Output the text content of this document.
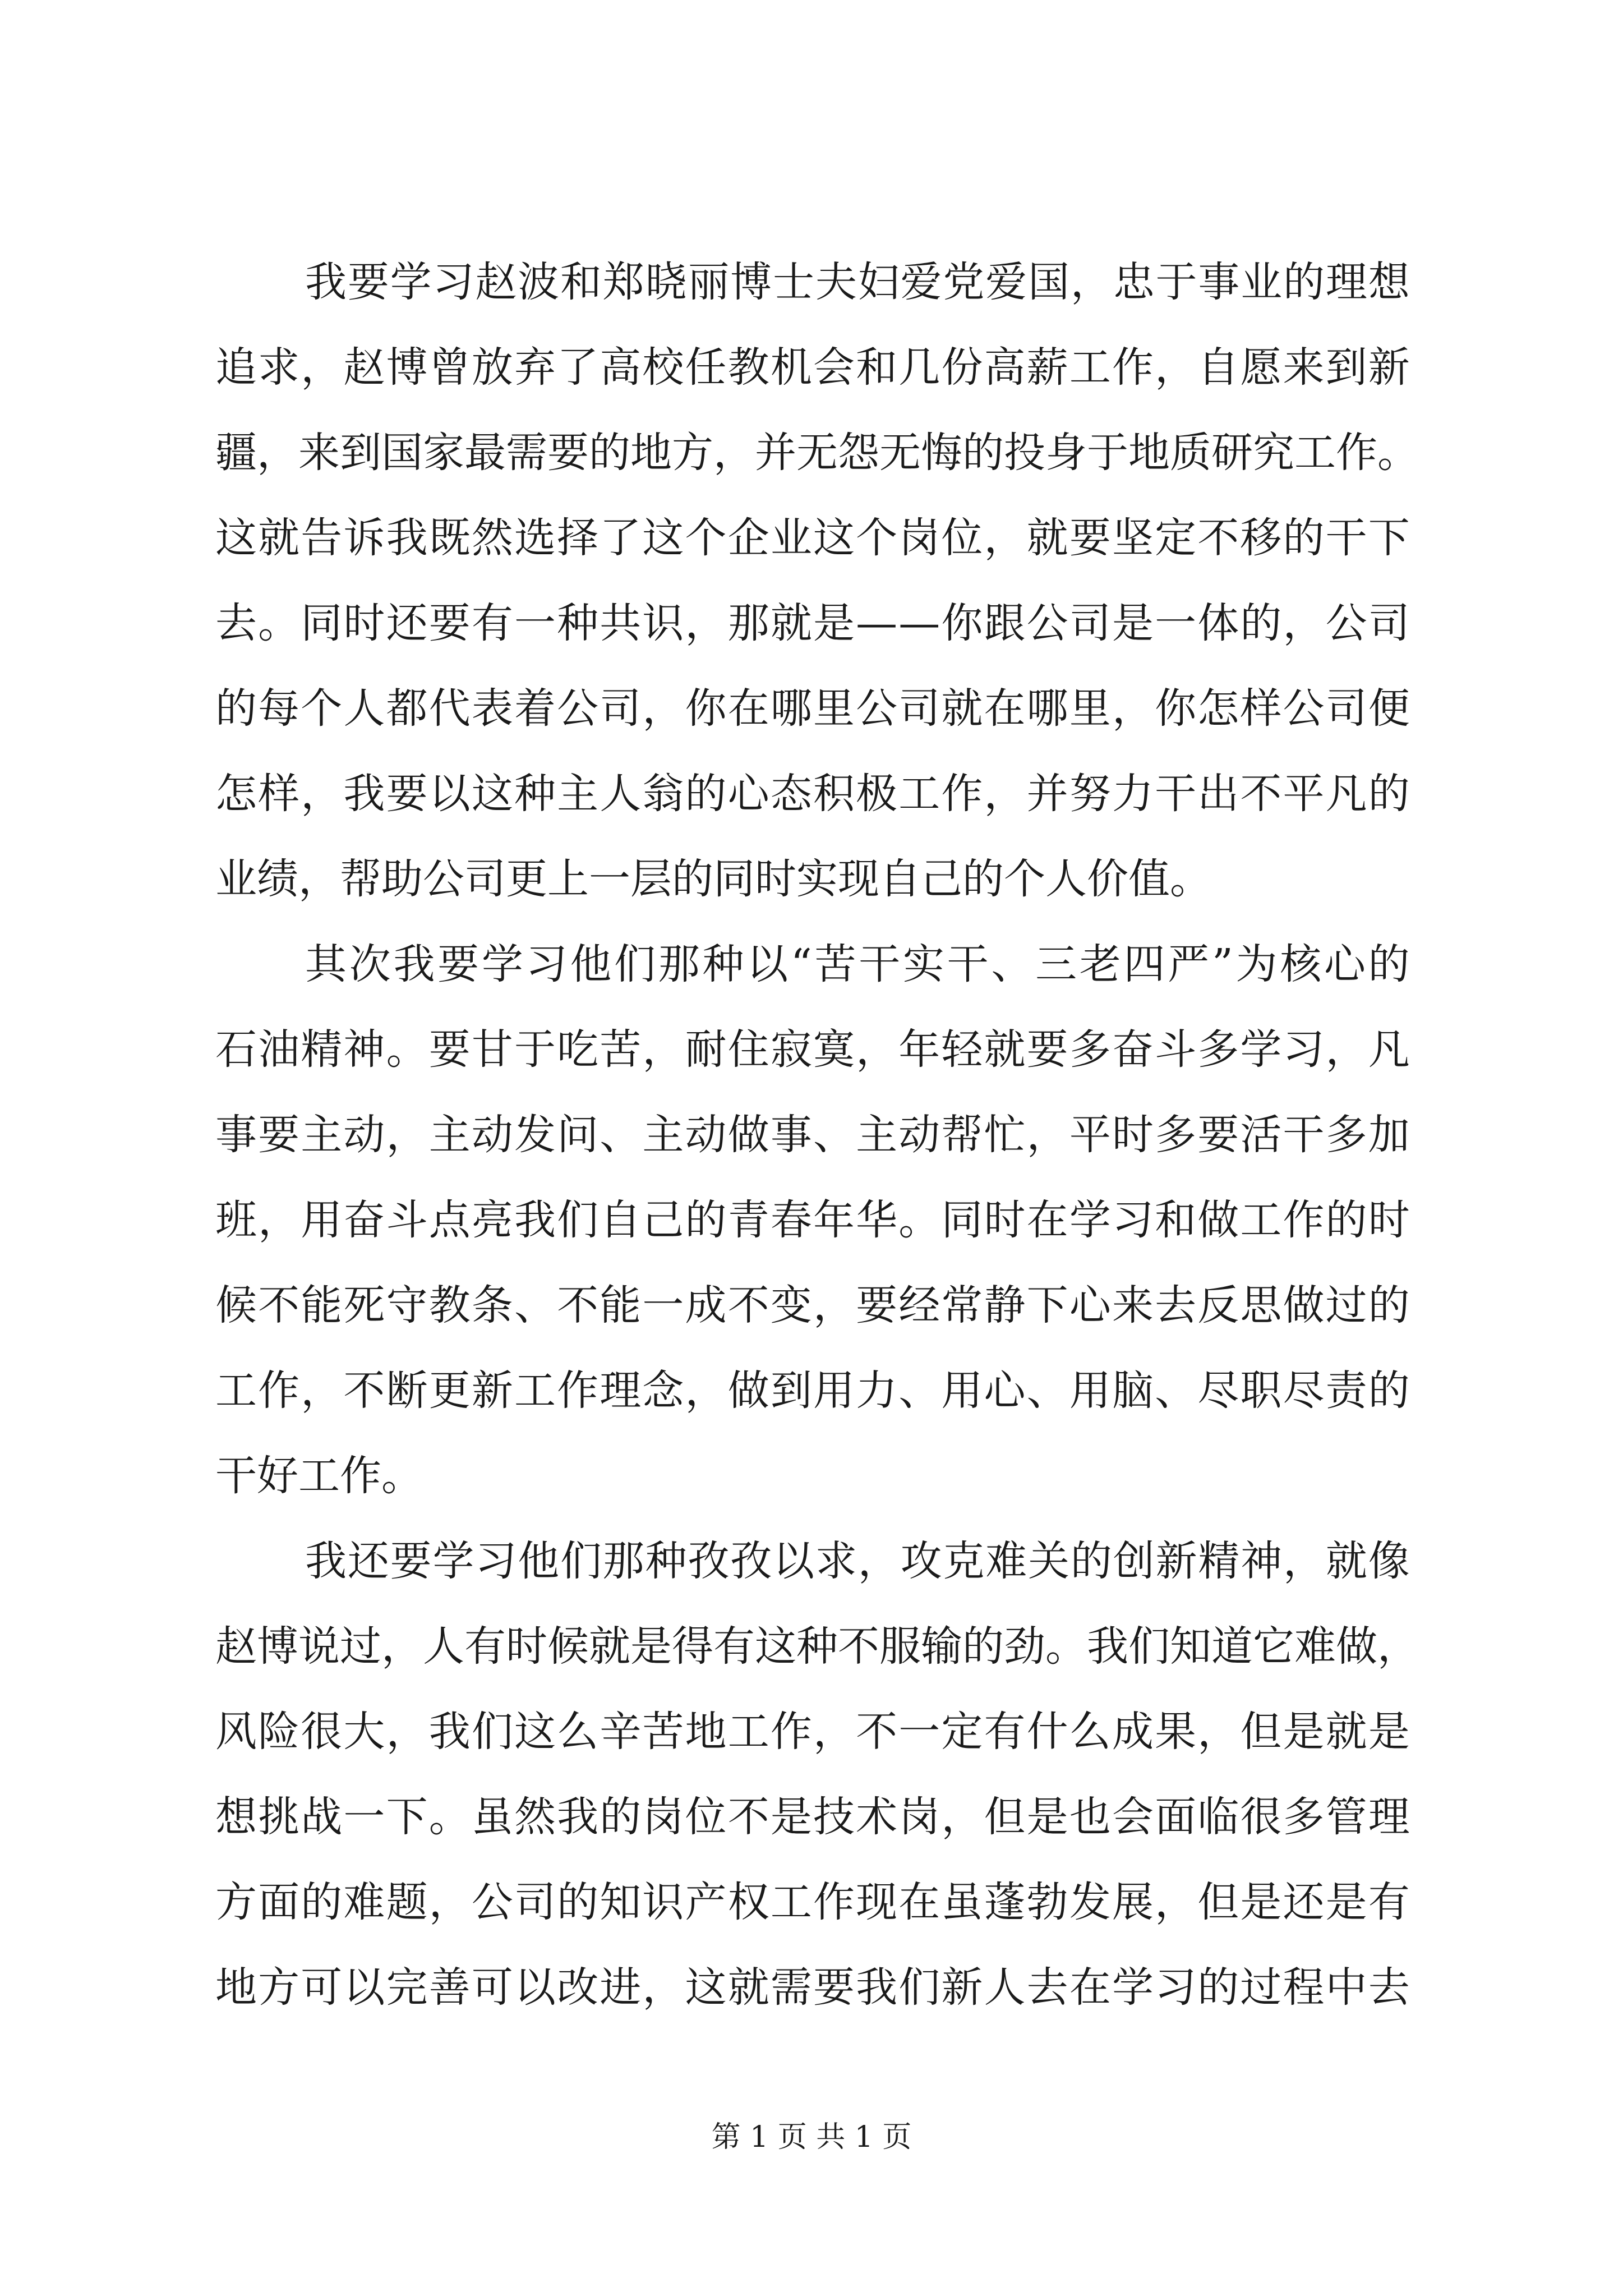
我 要 学 习 赵 波 和 郑 晓 丽 博 士 夫 妇 爱 党 爱 国 ， 忠 于 事 业 的 理 想
追 求 ， 赵 博 曾 放 弃 了 高 校 任 教 机 会 和 几 份 高 薪 工 作 ， 自 愿 来 到 新
疆 ， 来 到 国 家 最 需 要 的 地 方 ， 并 无 怨 无 悔 的 投 身 于 地 质 研 究 工 作 。
这 就 告 诉 我 既 然 选 择 了 这 个 企 业 这 个 岗 位 ， 就 要 坚 定 不 移 的 干 下
去 。 同 时 还 要 有 一 种 共 识 ， 那 就 是 — — 你 跟 公 司 是 一 体 的 ， 公 司
的 每 个 人 都 代 表 着 公 司 ， 你 在 哪 里 公 司 就 在 哪 里 ， 你 怎 样 公 司 便
怎 样 ， 我 要 以 这 种 主 人 翁 的 心 态 积 极 工 作 ， 并 努 力 干 出 不 平 凡 的
业绩，帮助公司更上一层的同时实现自己的个人价值。
其 次 我 要 学 习 他 们 那 种 以 “ 苦 干 实 干 、 三 老 四 严 ” 为 核 心 的
石 油 精 神 。 要 甘 于 吃 苦 ， 耐 住 寂 寞 ， 年 轻 就 要 多 奋 斗 多 学 习 ， 凡
事 要 主 动 ， 主 动 发 问 、 主 动 做 事 、 主 动 帮 忙 ， 平 时 多 要 活 干 多 加
班 ， 用 奋 斗 点 亮 我 们 自 己 的 青 春 年 华 。 同 时 在 学 习 和 做 工 作 的 时
候 不 能 死 守 教 条 、 不 能 一 成 不 变 ， 要 经 常 静 下 心 来 去 反 思 做 过 的
工 作 ， 不 断 更 新 工 作 理 念 ， 做 到 用 力 、 用 心 、 用 脑 、 尽 职 尽 责 的
干好工作。
我 还 要 学 习 他 们 那 种 孜 孜 以 求 ， 攻 克 难 关 的 创 新 精 神 ， 就 像
赵 博 说 过 ， 人 有 时 候 就 是 得 有 这 种 不 服 输 的 劲 。 我 们 知 道 它 难 做 ，
风 险 很 大 ， 我 们 这 么 辛 苦 地 工 作 ， 不 一 定 有 什 么 成 果 ， 但 是 就 是
想 挑 战 一 下 。 虽 然 我 的 岗 位 不 是 技 术 岗 ， 但 是 也 会 面 临 很 多 管 理
方 面 的 难 题 ， 公 司 的 知 识 产 权 工 作 现 在 虽 蓬 勃 发 展 ， 但 是 还 是 有
地 方 可 以 完 善 可 以 改 进 ， 这 就 需 要 我 们 新 人 去 在 学 习 的 过 程 中 去
第 1 页 共 1 页
